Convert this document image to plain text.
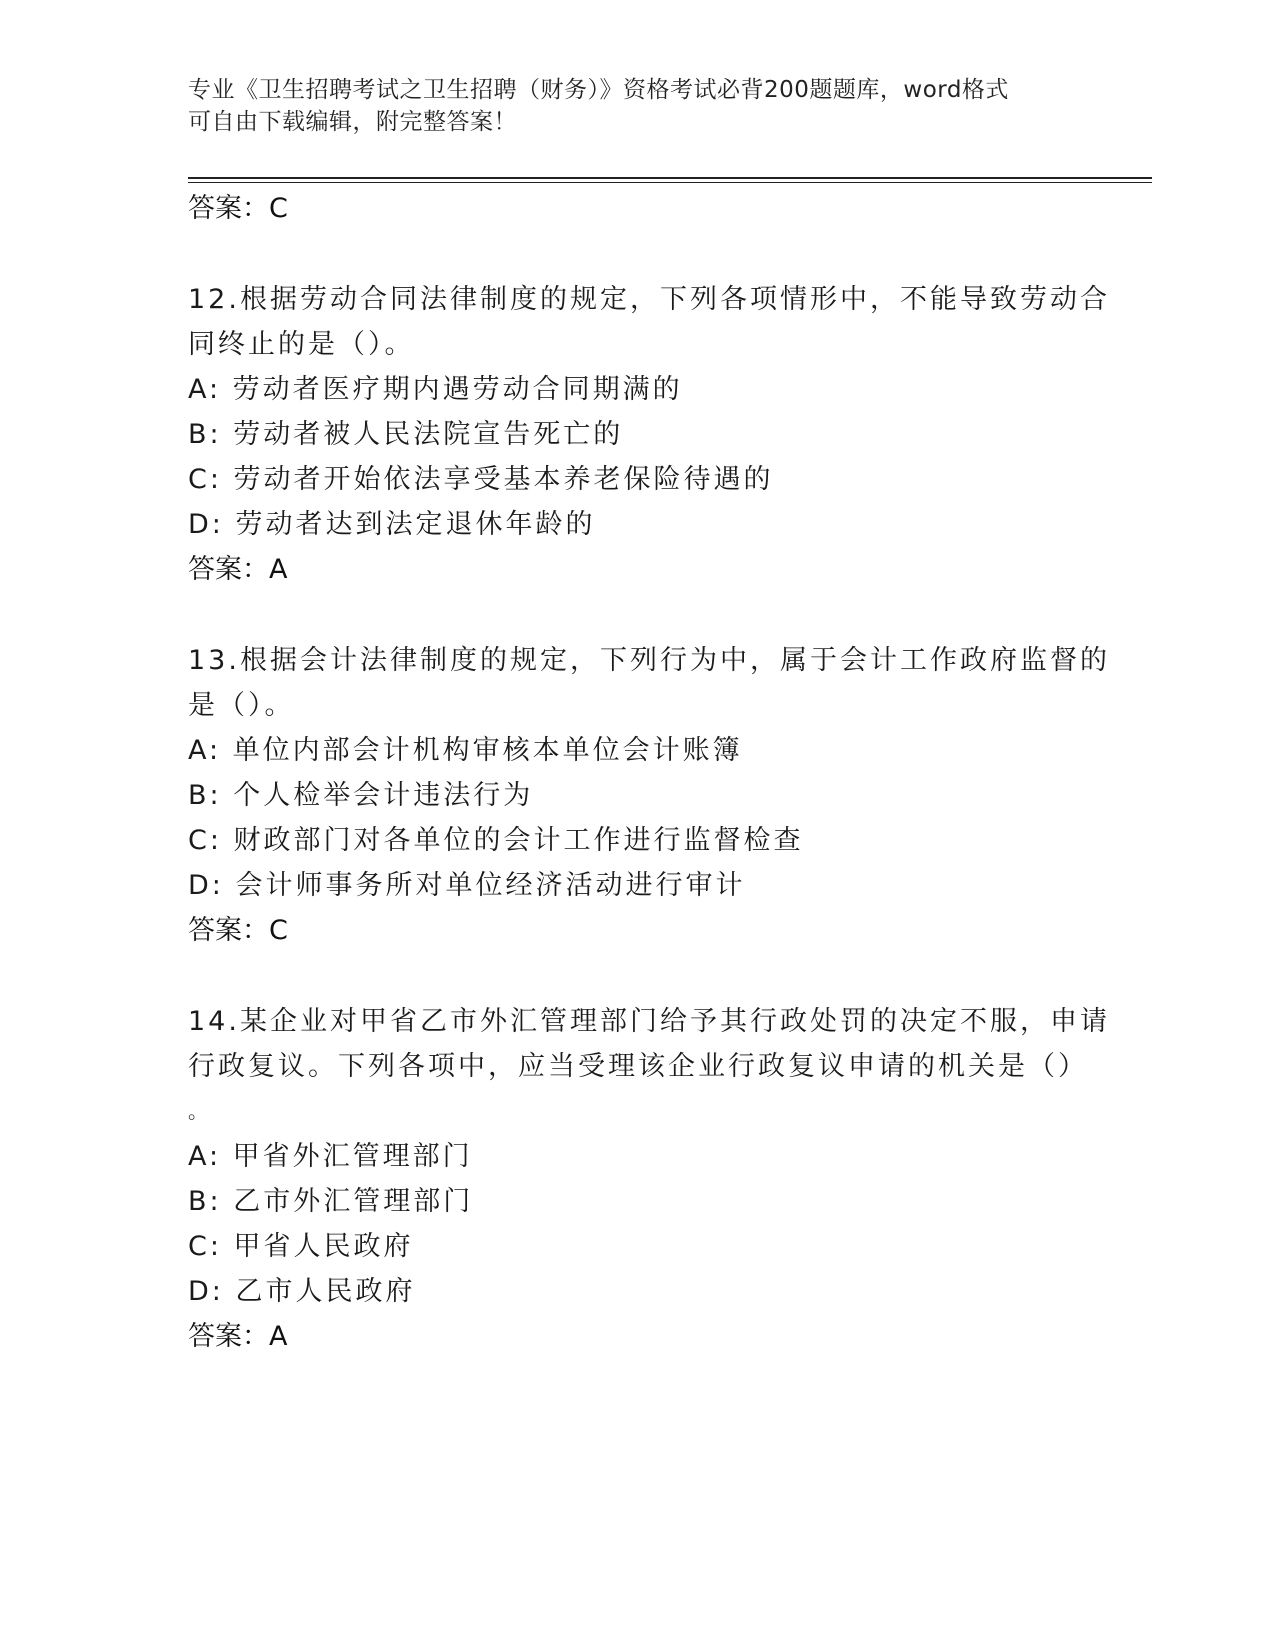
专业《卫生招聘考试之卫生招聘（财务）》资格考试必背200题题库，word格式
可自由下载编辑，附完整答案！
答案：C
12.根据劳动合同法律制度的规定，下列各项情形中，不能导致劳动合
同终止的是（）。
A: 劳动者医疗期内遇劳动合同期满的
B: 劳动者被人民法院宣告死亡的
C: 劳动者开始依法享受基本养老保险待遇的
D: 劳动者达到法定退休年龄的
答案：A
13.根据会计法律制度的规定，下列行为中，属于会计工作政府监督的
是（）。
A: 单位内部会计机构审核本单位会计账簿
B: 个人检举会计违法行为
C: 财政部门对各单位的会计工作进行监督检查
D: 会计师事务所对单位经济活动进行审计
答案：C
14.某企业对甲省乙市外汇管理部门给予其行政处罚的决定不服，申请
行政复议。下列各项中，应当受理该企业行政复议申请的机关是（）
。
A: 甲省外汇管理部门
B: 乙市外汇管理部门
C: 甲省人民政府
D: 乙市人民政府
答案：A
